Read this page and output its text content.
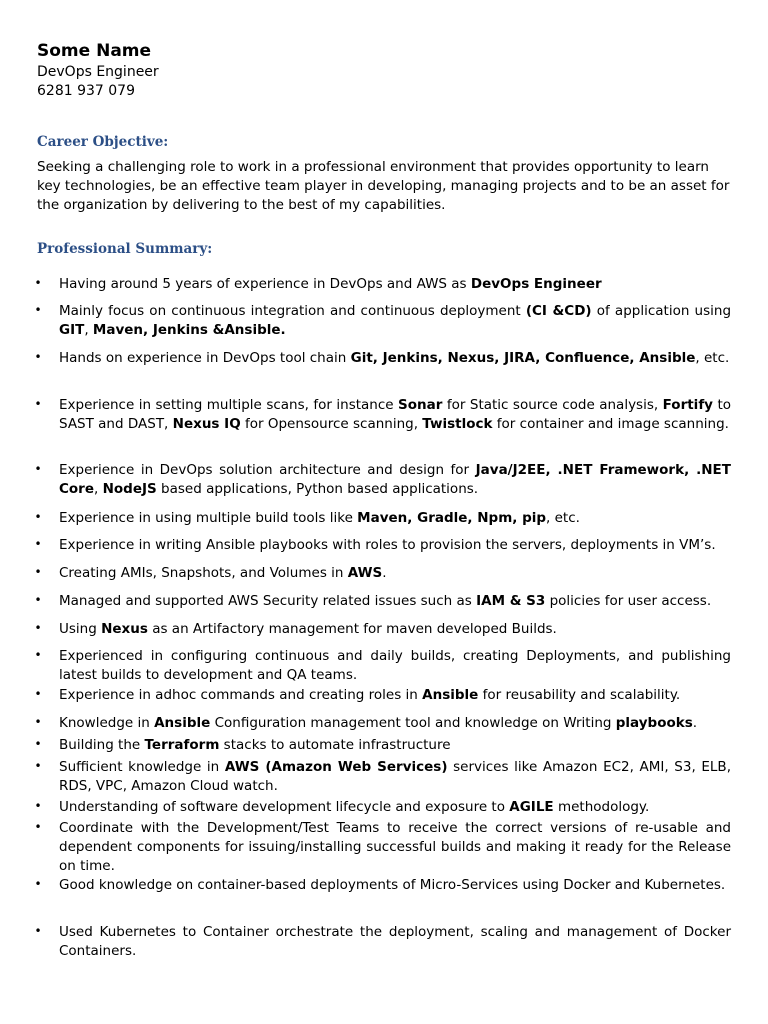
Some Name
DevOps Engineer
6281 937 079
Career Objective:
Seeking a challenging role to work in a professional environment that provides opportunity to learn key technologies, be an effective team player in developing, managing projects and to be an asset for the organization by delivering to the best of my capabilities.
Professional Summary:
• Having around 5 years of experience in DevOps and AWS as DevOps Engineer
• Mainly focus on continuous integration and continuous deployment (CI &CD) of application using GIT, Maven, Jenkins &Ansible.
• Hands on experience in DevOps tool chain Git, Jenkins, Nexus, JIRA, Confluence, Ansible, etc.
• Experience in setting multiple scans, for instance Sonar for Static source code analysis, Fortify to SAST and DAST, Nexus IQ for Opensource scanning, Twistlock for container and image scanning.
• Experience in DevOps solution architecture and design for Java/J2EE, .NET Framework, .NET Core, NodeJS based applications, Python based applications.
• Experience in using multiple build tools like Maven, Gradle, Npm, pip, etc.
• Experience in writing Ansible playbooks with roles to provision the servers, deployments in VM’s.
• Creating AMIs, Snapshots, and Volumes in AWS.
• Managed and supported AWS Security related issues such as IAM & S3 policies for user access.
• Using Nexus as an Artifactory management for maven developed Builds.
• Experienced in configuring continuous and daily builds, creating Deployments, and publishing latest builds to development and QA teams.
• Experience in adhoc commands and creating roles in Ansible for reusability and scalability.
• Knowledge in Ansible Configuration management tool and knowledge on Writing playbooks.
• Building the Terraform stacks to automate infrastructure
• Sufficient knowledge in AWS (Amazon Web Services) services like Amazon EC2, AMI, S3, ELB, RDS, VPC, Amazon Cloud watch.
• Understanding of software development lifecycle and exposure to AGILE methodology.
• Coordinate with the Development/Test Teams to receive the correct versions of re-usable and dependent components for issuing/installing successful builds and making it ready for the Release on time.
• Good knowledge on container-based deployments of Micro-Services using Docker and Kubernetes.
• Used Kubernetes to Container orchestrate the deployment, scaling and management of Docker Containers.
